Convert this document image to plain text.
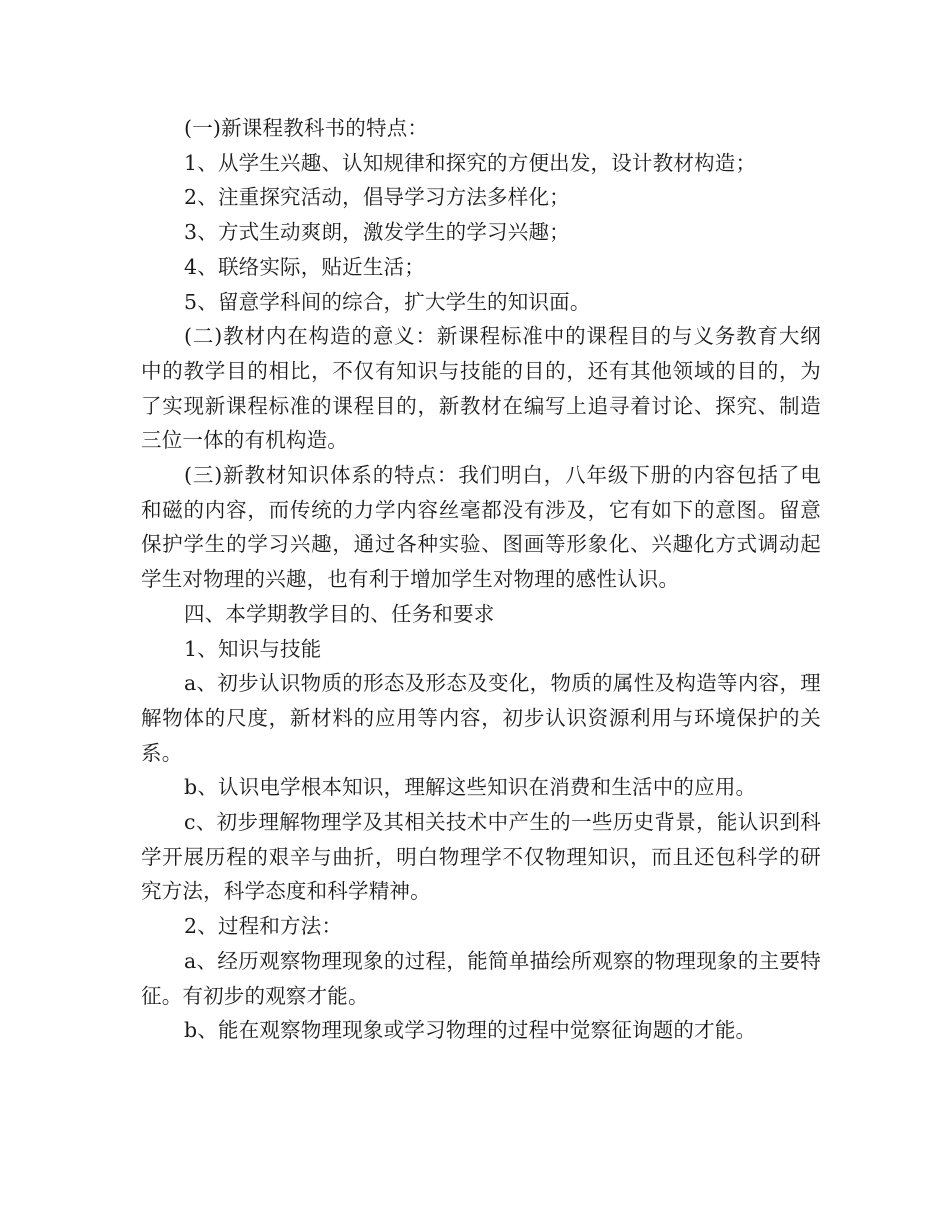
(一)新课程教科书的特点：

1、从学生兴趣、认知规律和探究的方便出发，设计教材构造；

2、注重探究活动，倡导学习方法多样化；

3、方式生动爽朗，激发学生的学习兴趣；

4、联络实际，贴近生活；

5、留意学科间的综合，扩大学生的知识面。

(二)教材内在构造的意义：新课程标准中的课程目的与义务教育大纲中的教学目的相比，不仅有知识与技能的目的，还有其他领域的目的，为了实现新课程标准的课程目的，新教材在编写上追寻着讨论、探究、制造三位一体的有机构造。

(三)新教材知识体系的特点：我们明白，八年级下册的内容包括了电和磁的内容，而传统的力学内容丝毫都没有涉及，它有如下的意图。留意保护学生的学习兴趣，通过各种实验、图画等形象化、兴趣化方式调动起学生对物理的兴趣，也有利于增加学生对物理的感性认识。

四、本学期教学目的、任务和要求

1、知识与技能

a、初步认识物质的形态及形态及变化，物质的属性及构造等内容，理解物体的尺度，新材料的应用等内容，初步认识资源利用与环境保护的关系。

b、认识电学根本知识，理解这些知识在消费和生活中的应用。

c、初步理解物理学及其相关技术中产生的一些历史背景，能认识到科学开展历程的艰辛与曲折，明白物理学不仅物理知识，而且还包科学的研究方法，科学态度和科学精神。

2、过程和方法：

a、经历观察物理现象的过程，能简单描绘所观察的物理现象的主要特征。有初步的观察才能。

b、能在观察物理现象或学习物理的过程中觉察征询题的才能。
